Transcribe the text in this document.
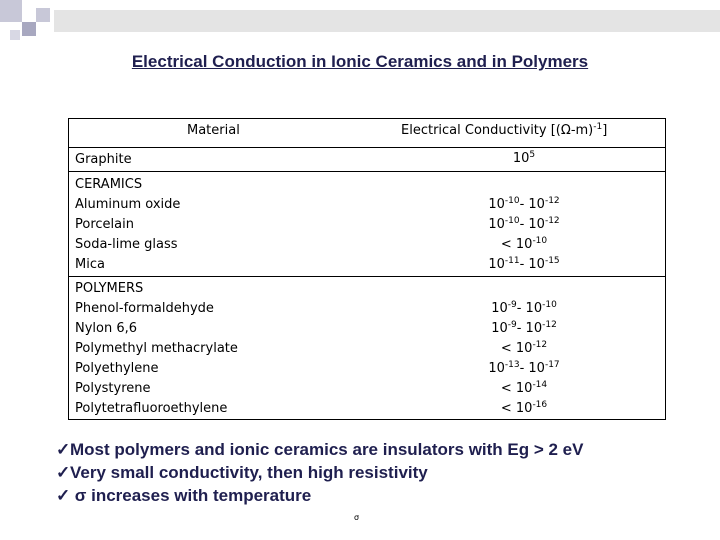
Electrical Conduction in Ionic Ceramics and in Polymers
Material	Electrical Conductivity $[(\Omega-m)^{-1}]$
Graphite	$10^5$
CERAMICS
Aluminum oxide
Porcelain
Soda-lime glass
Mica

$10^{-10}-$ $10^{-12}$
$10^{-10}-$ $10^{-12}$
< $10^{-10}$
$10^{-11}-$ $10^{-15}$
POLYMERS
Phenol-formaldehyde
Nylon 6,6
Polymethyl methacrylate
Polyethylene
Polystyrene
Polytetrafluoroethylene

$10^{-9}-$ $10^{-10}$
$10^{-9}-$ $10^{-12}$
< $10^{-12}$
$10^{-13}-$ $10^{-17}$
< $10^{-14}$
< $10^{-16}$
✓Most polymers and ionic ceramics are insulators with Eg > 2 eV
✓Very small conductivity, then high resistivity
✓ σ increases with temperature
σ
